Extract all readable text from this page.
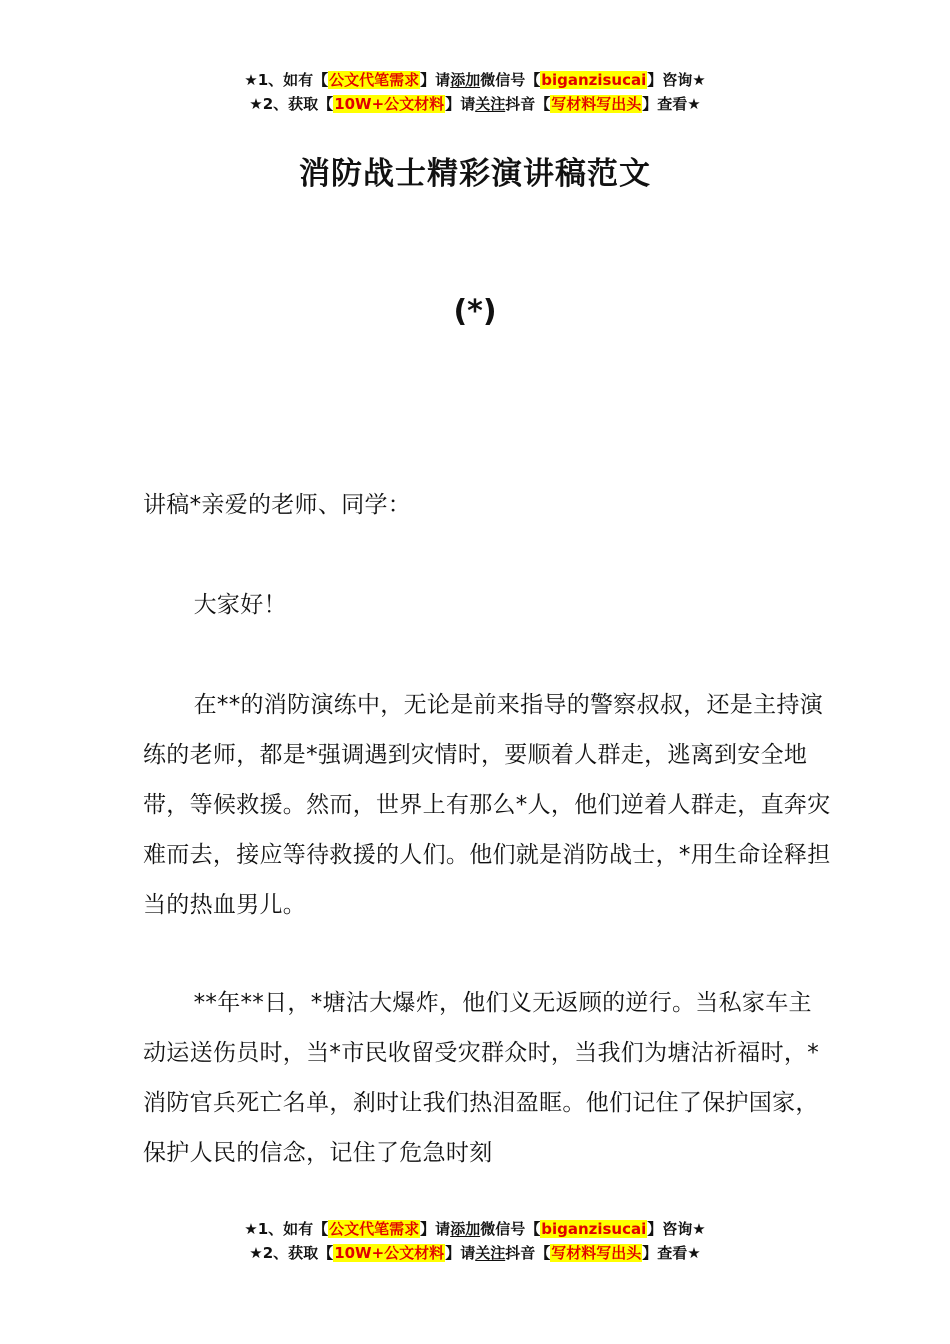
★1、如有【公文代笔需求】请添加微信号【biganzisucai】咨询★
★2、获取【10W+公文材料】请关注抖音【写材料写出头】查看★
消防战士精彩演讲稿范文
(*)

讲稿*亲爱的老师、同学：

大家好！

在**的消防演练中，无论是前来指导的警察叔叔，还是主持演练的老师，都是*强调遇到灾情时，要顺着人群走，逃离到安全地带，等候救援。然而，世界上有那么*人，他们逆着人群走，直奔灾难而去，接应等待救援的人们。他们就是消防战士，*用生命诠释担当的热血男儿。

**年**日，*塘沽大爆炸，他们义无返顾的逆行。当私家车主动运送伤员时，当*市民收留受灾群众时，当我们为塘沽祈福时，*消防官兵死亡名单，刹时让我们热泪盈眶。他们记住了保护国家，保护人民的信念，记住了危急时刻

★1、如有【公文代笔需求】请添加微信号【biganzisucai】咨询★
★2、获取【10W+公文材料】请关注抖音【写材料写出头】查看★
